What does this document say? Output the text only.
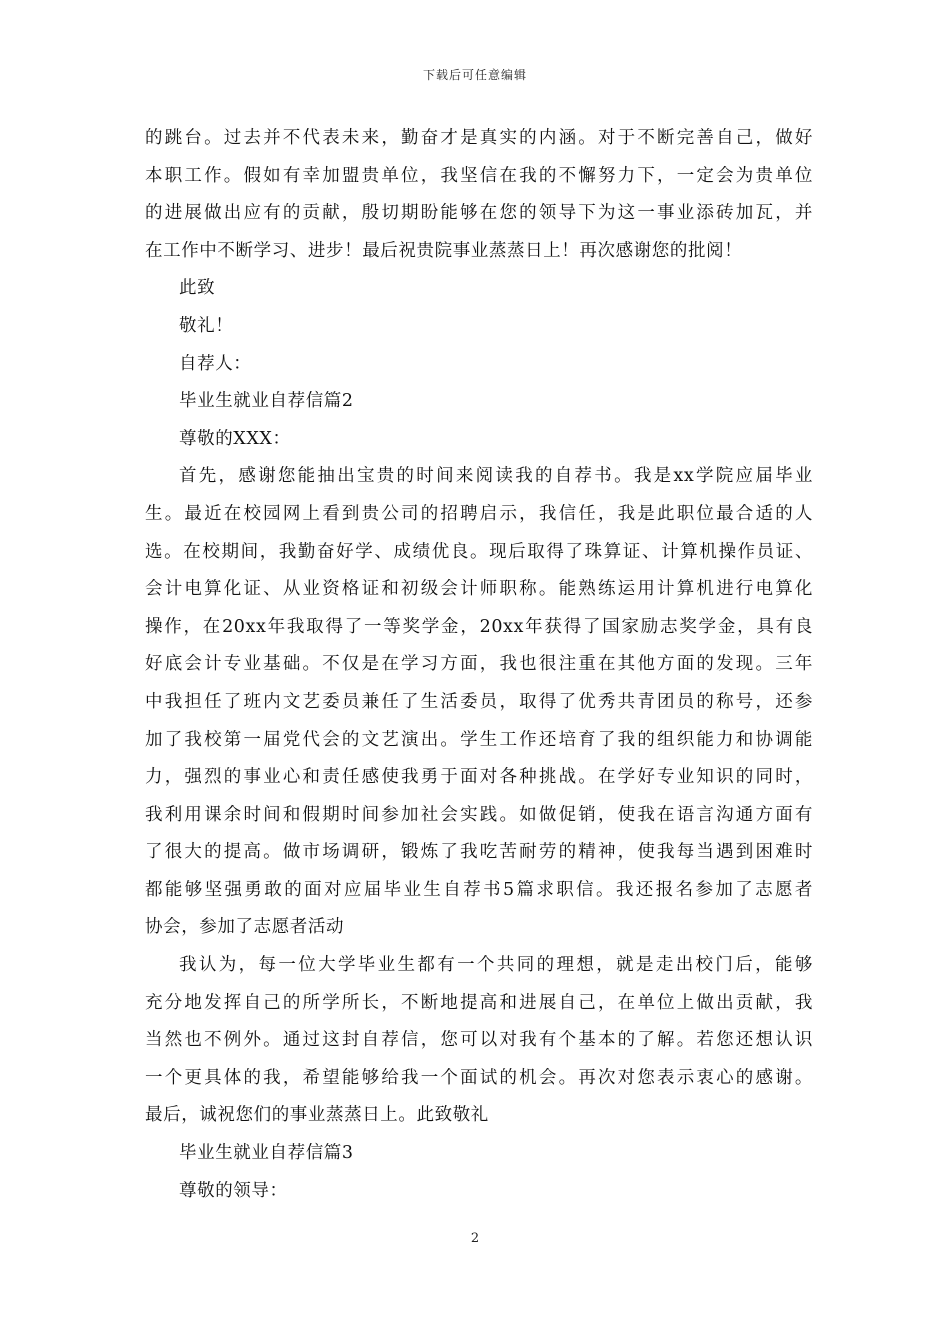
下载后可任意编辑
的跳台。过去并不代表未来，勤奋才是真实的内涵。对于不断完善自己，做好
本职工作。假如有幸加盟贵单位，我坚信在我的不懈努力下，一定会为贵单位
的进展做出应有的贡献，殷切期盼能够在您的领导下为这一事业添砖加瓦，并
在工作中不断学习、进步！最后祝贵院事业蒸蒸日上！再次感谢您的批阅！
此致
敬礼！
自荐人：
毕业生就业自荐信篇2
尊敬的XXX：
首先，感谢您能抽出宝贵的时间来阅读我的自荐书。我是xx学院应届毕业
生。最近在校园网上看到贵公司的招聘启示，我信任，我是此职位最合适的人
选。在校期间，我勤奋好学、成绩优良。现后取得了珠算证、计算机操作员证、
会计电算化证、从业资格证和初级会计师职称。能熟练运用计算机进行电算化
操作，在20xx年我取得了一等奖学金，20xx年获得了国家励志奖学金，具有良
好底会计专业基础。不仅是在学习方面，我也很注重在其他方面的发现。三年
中我担任了班内文艺委员兼任了生活委员，取得了优秀共青团员的称号，还参
加了我校第一届党代会的文艺演出。学生工作还培育了我的组织能力和协调能
力，强烈的事业心和责任感使我勇于面对各种挑战。在学好专业知识的同时，
我利用课余时间和假期时间参加社会实践。如做促销，使我在语言沟通方面有
了很大的提高。做市场调研，锻炼了我吃苦耐劳的精神，使我每当遇到困难时
都能够坚强勇敢的面对应届毕业生自荐书5篇求职信。我还报名参加了志愿者
协会，参加了志愿者活动
我认为，每一位大学毕业生都有一个共同的理想，就是走出校门后，能够
充分地发挥自己的所学所长，不断地提高和进展自己，在单位上做出贡献，我
当然也不例外。通过这封自荐信，您可以对我有个基本的了解。若您还想认识
一个更具体的我，希望能够给我一个面试的机会。再次对您表示衷心的感谢。
最后，诚祝您们的事业蒸蒸日上。此致敬礼
毕业生就业自荐信篇3
尊敬的领导：
2
